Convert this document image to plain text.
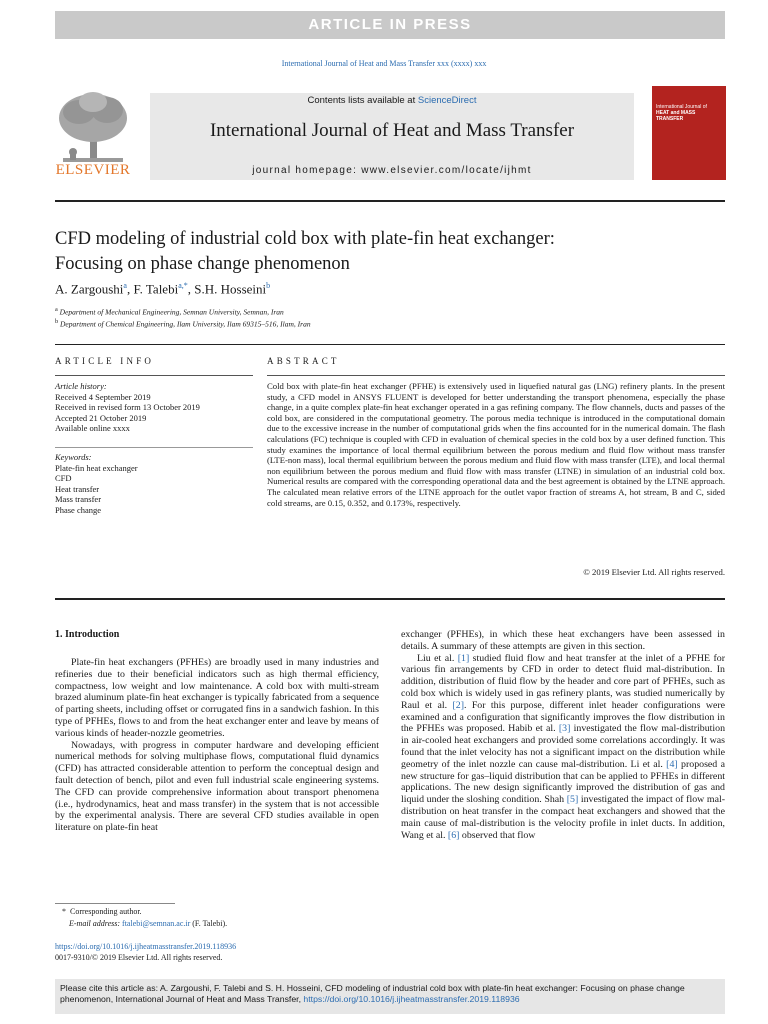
ARTICLE IN PRESS
International Journal of Heat and Mass Transfer xxx (xxxx) xxx
ELSEVIER
Contents lists available at ScienceDirect
International Journal of Heat and Mass Transfer
journal homepage: www.elsevier.com/locate/ijhmt
International Journal of
HEAT and MASS
TRANSFER
CFD modeling of industrial cold box with plate-fin heat exchanger:
Focusing on phase change phenomenon
A. Zargoushi$^a$, F. Talebi$^{a,*}$, S.H. Hosseini$^b$
$^a$ Department of Mechanical Engineering, Semnan University, Semnan, Iran
$^b$ Department of Chemical Engineering, Ilam University, Ilam 69315–516, Ilam, Iran
ARTICLE INFO
Article history:
Received 4 September 2019
Received in revised form 13 October 2019
Accepted 21 October 2019
Available online xxxx
Keywords:
Plate-fin heat exchanger
CFD
Heat transfer
Mass transfer
Phase change
ABSTRACT
Cold box with plate-fin heat exchanger (PFHE) is extensively used in liquefied natural gas (LNG) refinery plants. In the present study, a CFD model in ANSYS FLUENT is developed for better understanding the transport phenomena, especially the phase change, in a quite complex plate-fin heat exchanger operated in a gas refining company. The flow channels, ducts and passes of the cold box, are considered in the computational geometry. The porous media technique is introduced in the computational domain due to the excessive increase in the number of computational grids when the fins accounted for in the numerical domain. The flash calculations (FC) technique is coupled with CFD in evaluation of chemical species in the cold box by a user defined function. This study examines the importance of local thermal equilibrium between the porous medium and fluid flow without mass transfer (LTE-non mass), local thermal equilibrium between the porous medium and fluid flow with mass transfer (LTE), and local thermal non equilibrium between the porous medium and fluid flow with mass transfer (LTNE) in simulation of an industrial cold box. Numerical results are compared with the corresponding operational data and the best agreement is obtained by the LTNE approach. The calculated mean relative errors of the LTNE approach for the outlet vapor fraction of streams A, hot stream, B and C, sided cold streams, are 0.15, 0.352, and 0.173%, respectively.
© 2019 Elsevier Ltd. All rights reserved.
1. Introduction

Plate-fin heat exchangers (PFHEs) are broadly used in many industries and refineries due to their beneficial indicators such as high thermal efficiency, compactness, low weight and low maintenance. A cold box with multi-stream brazed aluminum plate-fin heat exchanger is typically fabricated from a sequence of parting sheets, including offset or corrugated fins in a sandwich fashion. In this type of PFHEs, flows to and from the heat exchanger enter and leave by means of various kinds of header-nozzle geometries.

Nowadays, with progress in computer hardware and developing efficient numerical methods for solving multiphase flows, computational fluid dynamics (CFD) has attracted considerable attention to perform the conceptual design and fault detection of bench, pilot and even full industrial scale engineering systems. The CFD can provide comprehensive information about transport phenomena (i.e., hydrodynamics, heat and mass transfer) in the system that is not accessible by the experimental analysis. There are several CFD studies available in open literature on plate-fin heat

exchanger (PFHEs), in which these heat exchangers have been assessed in details. A summary of these attempts are given in this section.

Liu et al. [1] studied fluid flow and heat transfer at the inlet of a PFHE for various fin arrangements by CFD in order to detect fluid mal-distribution. In addition, distribution of fluid flow by the header and core part of PFHEs, such as cold box which is widely used in gas refinery plants, was studied numerically by Raul et al. [2]. For this purpose, different inlet header configurations were examined and a configuration that significantly improves the flow distribution in the PFHEs was proposed. Habib et al. [3] investigated the flow mal-distribution in air-cooled heat exchangers and provided some correlations accordingly. It was found that the inlet velocity has not a significant impact on the distribution while geometry of the inlet nozzle can cause mal-distribution. Li et al. [4] proposed a new structure for gas–liquid distribution that can be applied to PFHEs in different applications. The new design significantly improved the distribution of gas and liquid under the sloshing condition. Shah [5] investigated the impact of flow mal-distribution on heat transfer in the compact heat exchangers and showed that the main cause of mal-distribution is the velocity profile in inlet ducts. In addition, Wang et al. [6] observed that flow

* Corresponding author.
E-mail address: ftalebi@semnan.ac.ir (F. Talebi).
https://doi.org/10.1016/j.ijheatmasstransfer.2019.118936
0017-9310/© 2019 Elsevier Ltd. All rights reserved.
Please cite this article as: A. Zargoushi, F. Talebi and S. H. Hosseini, CFD modeling of industrial cold box with plate-fin heat exchanger: Focusing on phase change phenomenon, International Journal of Heat and Mass Transfer, https://doi.org/10.1016/j.ijheatmasstransfer.2019.118936
